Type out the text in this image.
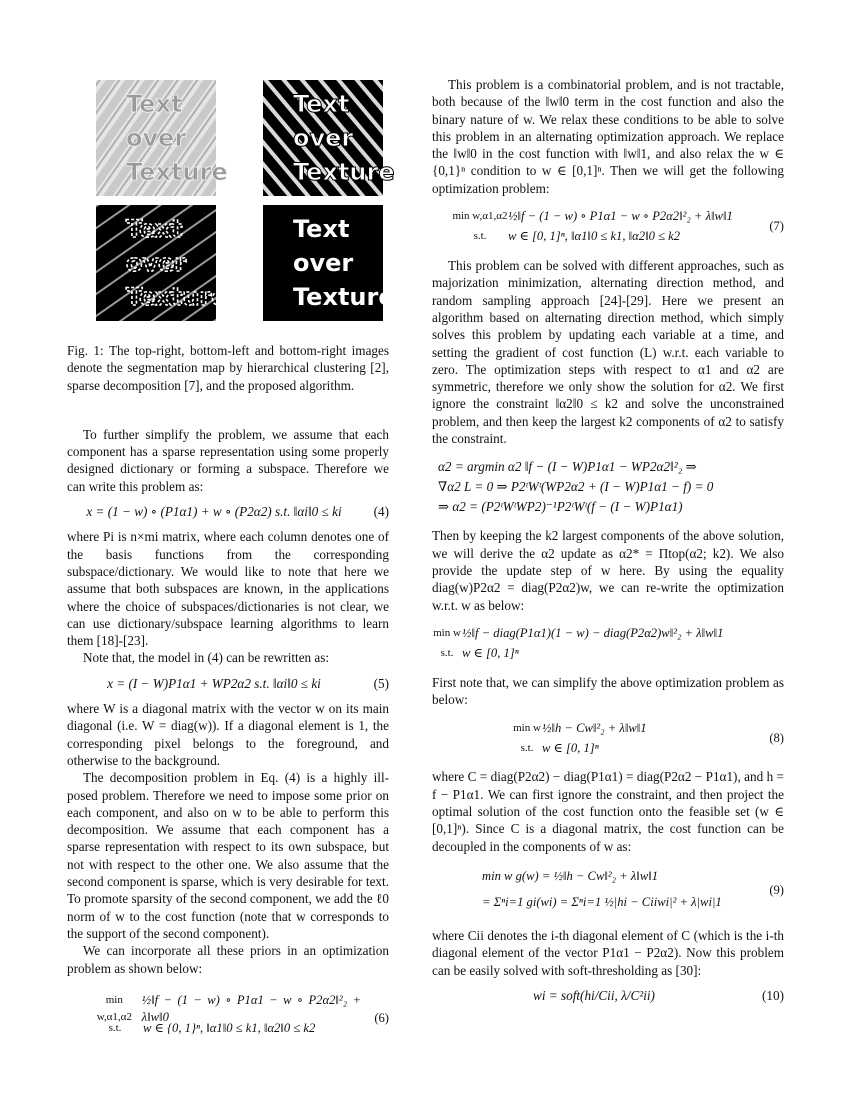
Text
over
Texture
Text
over
Texture
Text
over
Texture
Text
over
Texture

Fig. 1: The top-right, bottom-left and bottom-right images denote the segmentation map by hierarchical clustering [2], sparse decomposition [7], and the proposed algorithm.

To further simplify the problem, we assume that each component has a sparse representation using some properly designed dictionary or forming a subspace. Therefore we can write this problem as:

x = (1 − w) ∘ (P1α1) + w ∘ (P2α2) s.t. ‖αi‖0 ≤ ki	(4)

where Pi is n×mi matrix, where each column denotes one of the basis functions from the corresponding subspace/dictionary. We would like to note that here we assume that both subspaces are known, in the applications where the choice of subspaces/dictionaries is not clear, we can use dictionary/subspace learning algorithms to learn them [18]-[23].

Note that, the model in (4) can be rewritten as:

x = (I − W)P1α1 + WP2α2 s.t. ‖αi‖0 ≤ ki	(5)

where W is a diagonal matrix with the vector w on its main diagonal (i.e. W = diag(w)). If a diagonal element is 1, the corresponding pixel belongs to the foreground, and otherwise to the background.

The decomposition problem in Eq. (4) is a highly ill-posed problem. Therefore we need to impose some prior on each component, and also on w to be able to perform this decomposition. We assume that each component has a sparse representation with respect to its own subspace, but not with respect to the other one. We also assume that the second component is sparse, which is very desirable for text. To promote sparsity of the second component, we add the ℓ0 norm of w to the cost function (note that w corresponds to the support of the second component).

We can incorporate all these priors in an optimization problem as shown below:

min w,α1,α2
½‖f − (1 − w) ∘ P1α1 − w ∘ P2α2‖²₂ + λ‖w‖0
s.t.	w ∈ {0, 1}ⁿ, ‖α1‖0 ≤ k1, ‖α2‖0 ≤ k2
(6)

This problem is a combinatorial problem, and is not tractable, both because of the ‖w‖0 term in the cost function and also the binary nature of w. We relax these conditions to be able to solve this problem in an alternating optimization approach. We replace the ‖w‖0 in the cost function with ‖w‖1, and also relax the w ∈ {0,1}ⁿ condition to w ∈ [0,1]ⁿ. Then we will get the following optimization problem:

min w,α1,α2 ½‖f − (1 − w) ∘ P1α1 − w ∘ P2α2‖²₂ + λ‖w‖1
s.t.	w ∈ [0, 1]ⁿ, ‖α1‖0 ≤ k1, ‖α2‖0 ≤ k2
(7)

This problem can be solved with different approaches, such as majorization minimization, alternating direction method, and random sampling approach [24]-[29]. Here we present an algorithm based on alternating direction method, which simply solves this problem by updating each variable at a time, and setting the gradient of cost function (L) w.r.t. each variable to zero. The optimization steps with respect to α1 and α2 are symmetric, therefore we only show the solution for α2. We first ignore the constraint ‖α2‖0 ≤ k2 and solve the unconstrained problem, and then keep the largest k2 components of α2 to satisfy the constraint.

α2 = argmin α2 ‖f − (I − W)P1α1 − WP2α2‖²₂ ⇒
∇α2 L = 0 ⇒ P2ᵗWᵗ(WP2α2 + (I − W)P1α1 − f) = 0
⇒ α2 = (P2ᵗWᵗWP2)⁻¹P2ᵗWᵗ(f − (I − W)P1α1)

Then by keeping the k2 largest components of the above solution, we will derive the α2 update as α2* = Πtop(α2; k2). We also provide the update step of w here. By using the equality diag(w)P2α2 = diag(P2α2)w, we can re-write the optimization w.r.t. w as below:

min w ½‖f − diag(P1α1)(1 − w) − diag(P2α2)w‖²₂ + λ‖w‖1
s.t. w ∈ [0, 1]ⁿ

First note that, we can simplify the above optimization problem as below:

min w ½‖h − Cw‖²₂ + λ‖w‖1
s.t. w ∈ [0, 1]ⁿ
(8)

where C = diag(P2α2) − diag(P1α1) = diag(P2α2 − P1α1), and h = f − P1α1. We can first ignore the constraint, and then project the optimal solution of the cost function onto the feasible set (w ∈ [0,1]ⁿ). Since C is a diagonal matrix, the cost function can be decoupled in the components of w as:

min w g(w) = ½‖h − Cw‖²₂ + λ‖w‖1
= Σⁿi=1 gi(wi) = Σⁿi=1 ½|hi − Ciiwi|² + λ|wi|1
(9)

where Cii denotes the i-th diagonal element of C (which is the i-th diagonal element of the vector P1α1 − P2α2). Now this problem can be easily solved with soft-thresholding as [30]:

wi = soft(hi/Cii, λ/C²ii)	(10)
